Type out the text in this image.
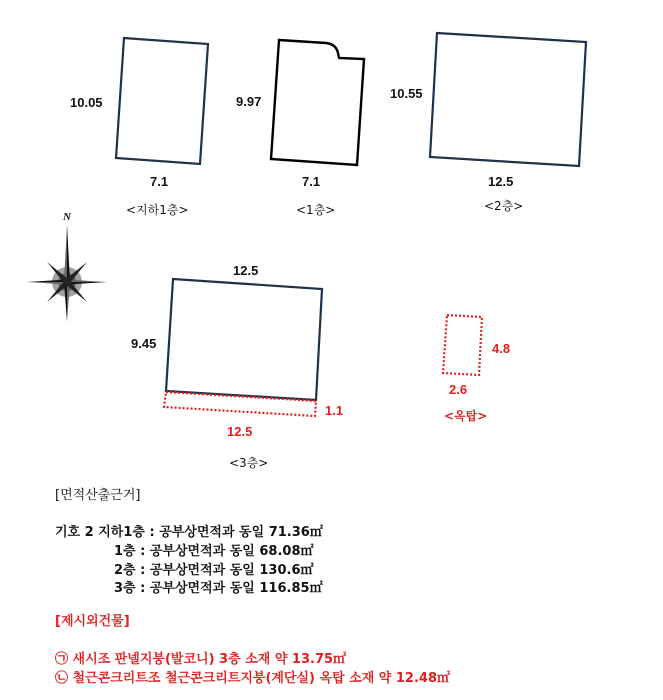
10.05
7.1
<지하1층>
9.97
7.1
<1층>
10.55
12.5
<2층>
N
12.5
9.45
1.1
12.5
<3층>
4.8
2.6
<옥탑>
[면적산출근거]
기호 2 지하1층 : 공부상면적과 동일 71.36㎡
1층 : 공부상면적과 동일 68.08㎡
2층 : 공부상면적과 동일 130.6㎡
3층 : 공부상면적과 동일 116.85㎡
[제시외건물]
㉠ 새시조 판넬지붕(발코니) 3층 소재 약 13.75㎡
㉡ 철근콘크리트조 철근콘크리트지붕(계단실) 옥탑 소재 약 12.48㎡
